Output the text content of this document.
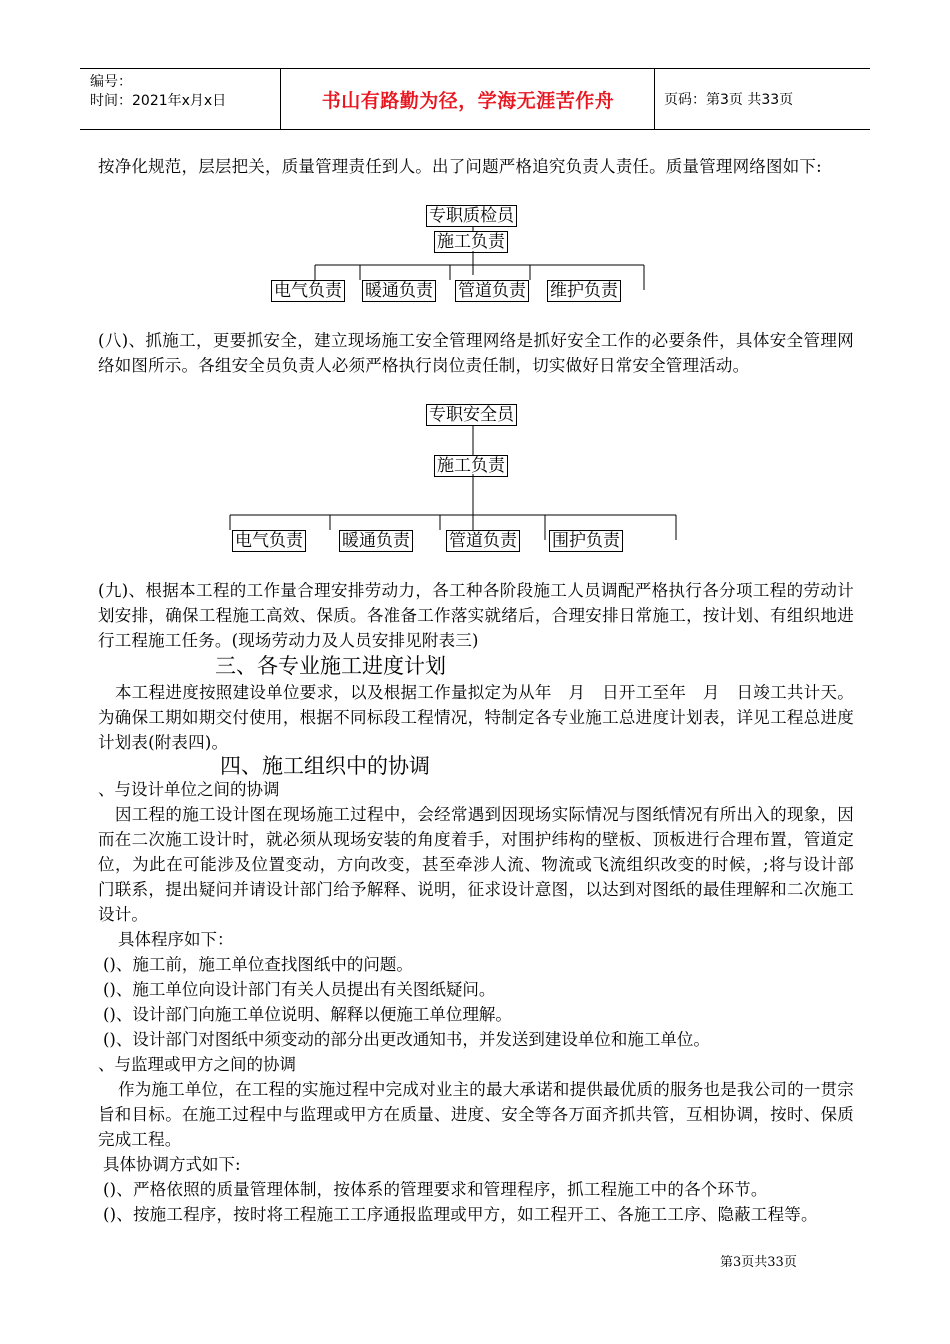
编号：
时间：2021年x月x日	书山有路勤为径，学海无涯苦作舟	页码：第3页 共33页
按净化规范，层层把关，质量管理责任到人。出了问题严格追究负责人责任。质量管理网络图如下:
专职质检员
施工负责
电气负责 暖通负责 管道负责 维护负责
(八)、抓施工，更要抓安全，建立现场施工安全管理网络是抓好安全工作的必要条件，具体安全管理网络如图所示。各组安全员负责人必须严格执行岗位责任制，切实做好日常安全管理活动。
专职安全员
施工负责
电气负责 暖通负责 管道负责 围护负责
(九)、根据本工程的工作量合理安排劳动力，各工种各阶段施工人员调配严格执行各分项工程的劳动计划安排，确保工程施工高效、保质。各准备工作落实就绪后，合理安排日常施工，按计划、有组织地进行工程施工任务。(现场劳动力及人员安排见附表三)
三、各专业施工进度计划
本工程进度按照建设单位要求，以及根据工作量拟定为从年　月　日开工至年　月　日竣工共计天。为确保工期如期交付使用，根据不同标段工程情况，特制定各专业施工总进度计划表，详见工程总进度计划表(附表四)。
四、施工组织中的协调
、与设计单位之间的协调
因工程的施工设计图在现场施工过程中，会经常遇到因现场实际情况与图纸情况有所出入的现象，因而在二次施工设计时，就必须从现场安装的角度着手，对围护纬构的壁板、顶板进行合理布置，管道定位，为此在可能涉及位置变动，方向改变，甚至牵涉人流、物流或飞流组织改变的时候，;将与设计部门联系，提出疑问并请设计部门给予解释、说明，征求设计意图，以达到对图纸的最佳理解和二次施工设计。
具体程序如下：
()、施工前，施工单位查找图纸中的问题。
()、施工单位向设计部门有关人员提出有关图纸疑问。
()、设计部门向施工单位说明、解释以便施工单位理解。
()、设计部门对图纸中须变动的部分出更改通知书，并发送到建设单位和施工单位。
、与监理或甲方之间的协调
作为施工单位，在工程的实施过程中完成对业主的最大承诺和提供最优质的服务也是我公司的一贯宗旨和目标。在施工过程中与监理或甲方在质量、进度、安全等各万面齐抓共管，互相协调，按时、保质完成工程。
具体协调方式如下:
()、严格依照的质量管理体制，按体系的管理要求和管理程序，抓工程施工中的各个环节。
()、按施工程序，按时将工程施工工序通报监理或甲方，如工程开工、各施工工序、隐蔽工程等。
第3页共33页
